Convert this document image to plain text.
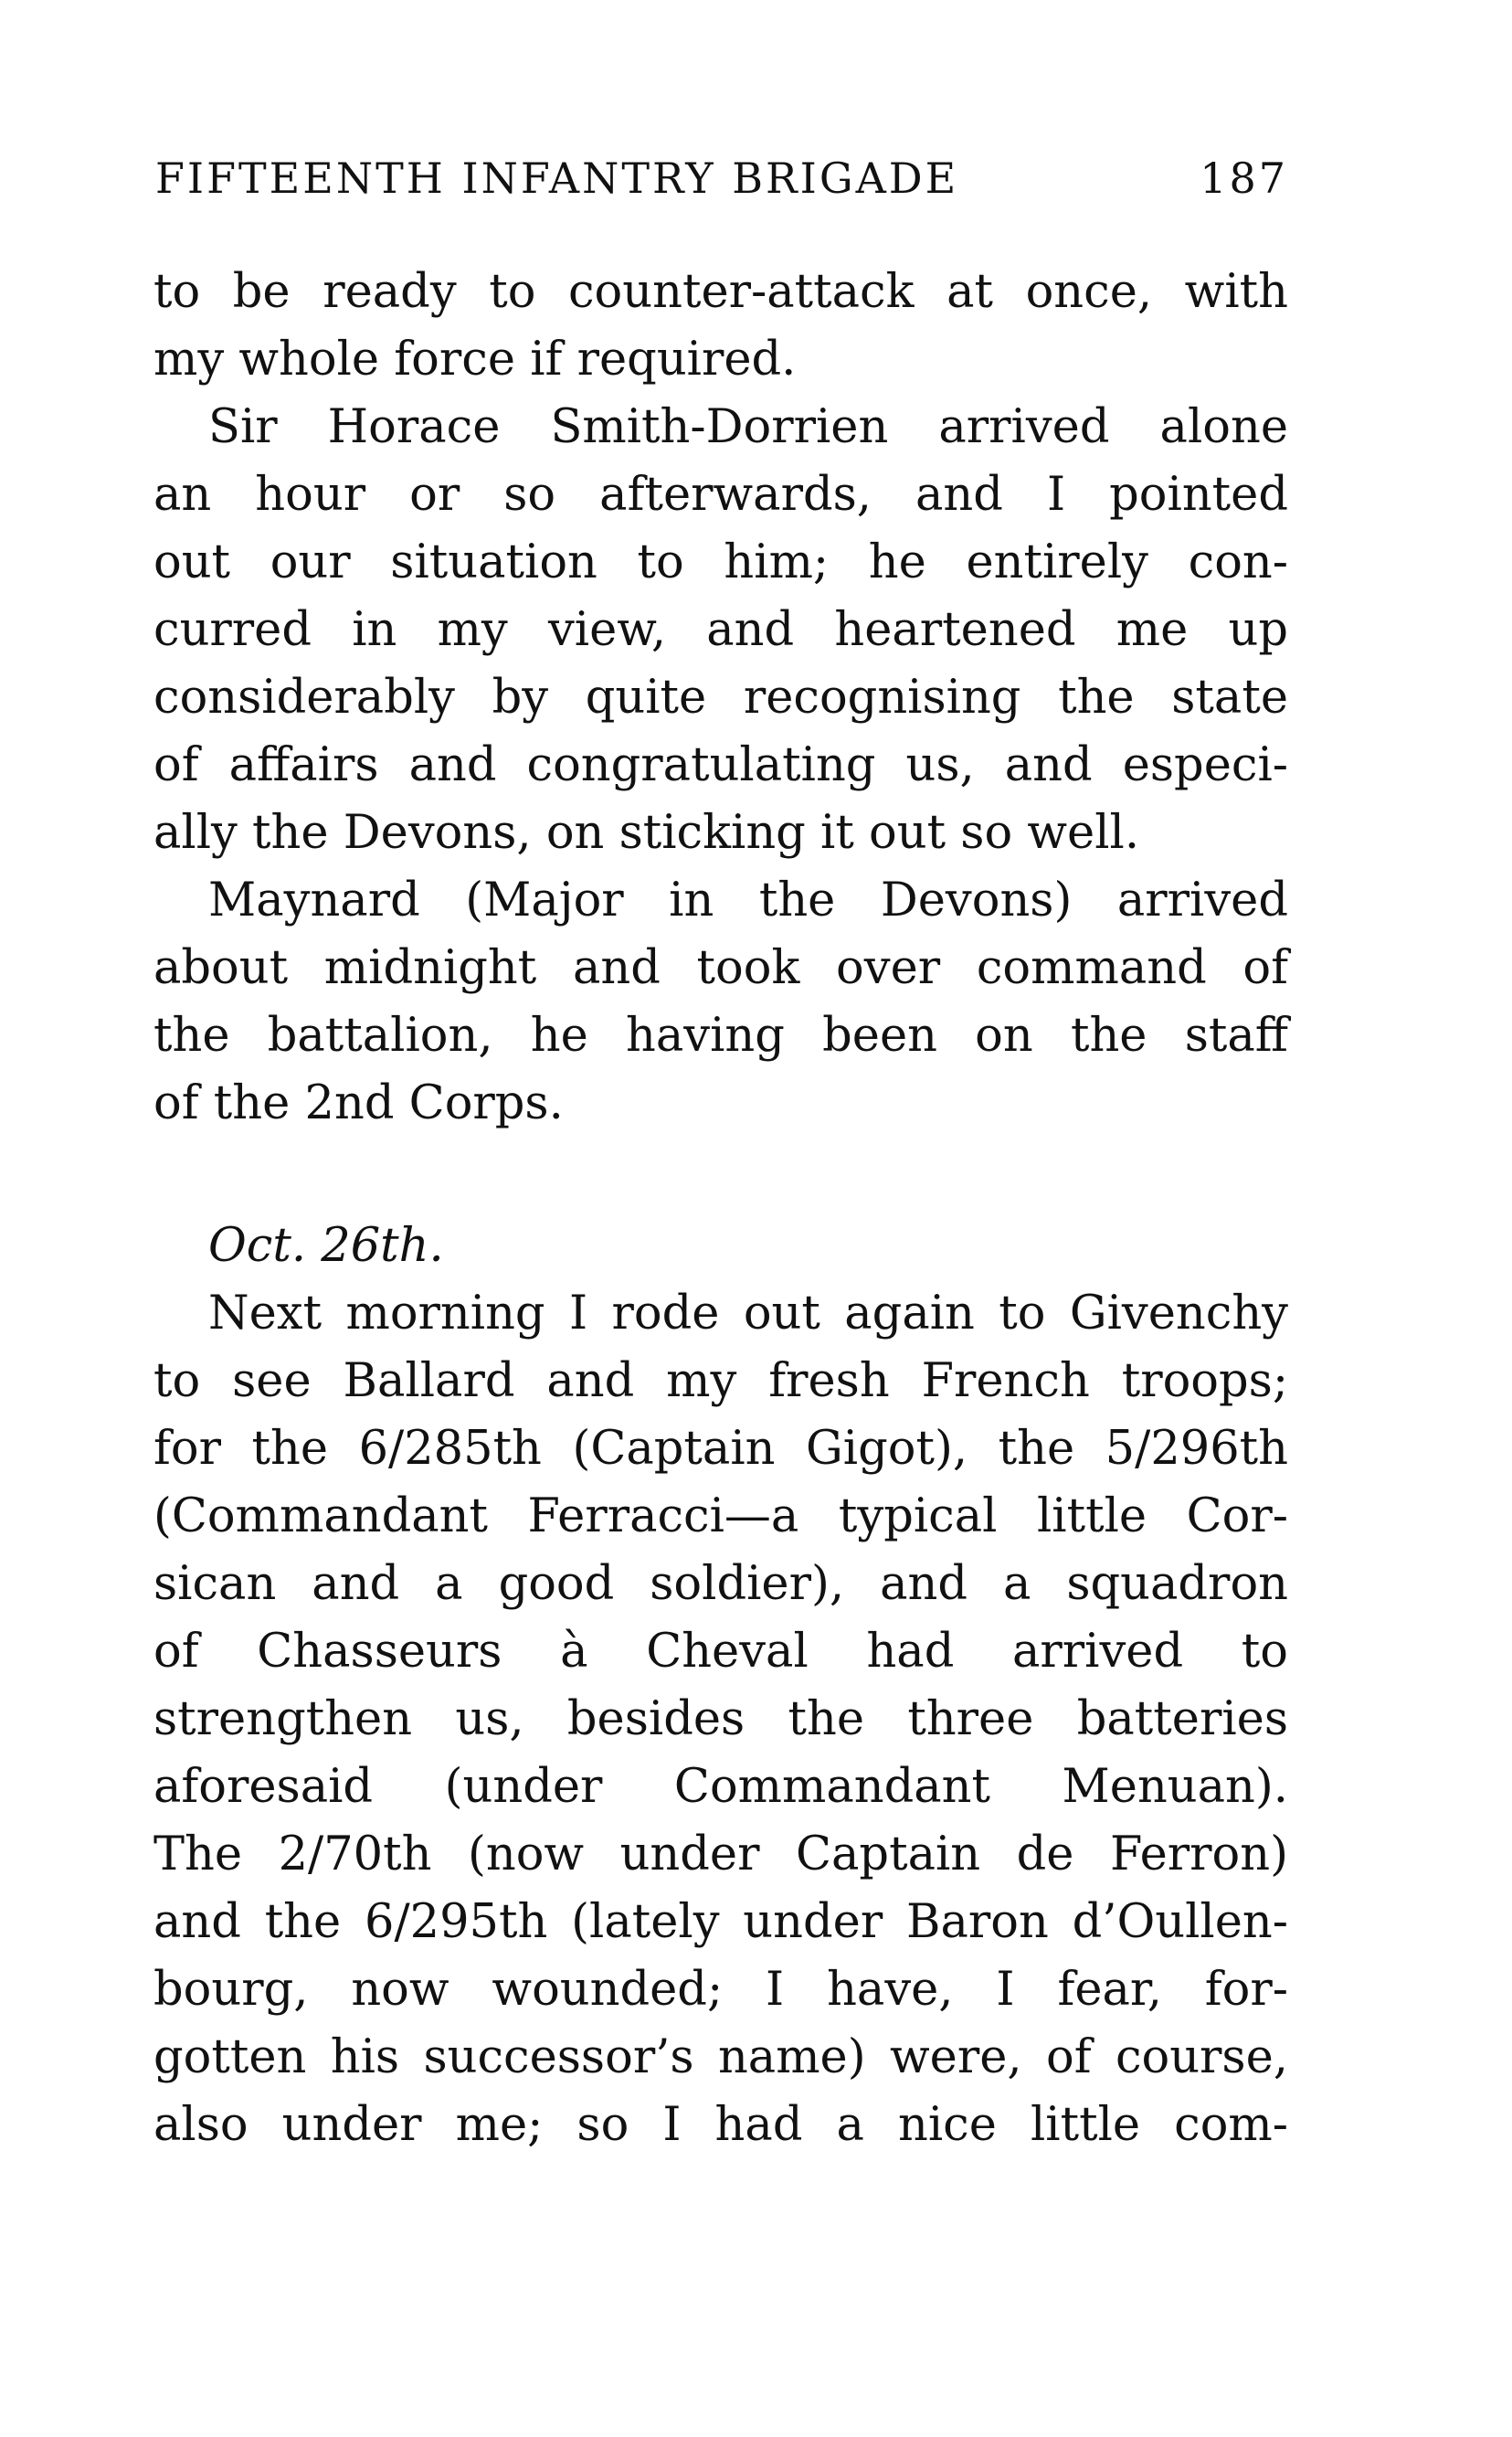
FIFTEENTH INFANTRY BRIGADE	187
to be ready to counter-attack at once, with
my whole force if required.
Sir Horace Smith-Dorrien arrived alone
an hour or so afterwards, and I pointed
out our situation to him; he entirely con-
curred in my view, and heartened me up
considerably by quite recognising the state
of affairs and congratulating us, and especi-
ally the Devons, on sticking it out so well.
Maynard (Major in the Devons) arrived
about midnight and took over command of
the battalion, he having been on the staff
of the 2nd Corps.
Oct. 26th.
Next morning I rode out again to Givenchy
to see Ballard and my fresh French troops;
for the 6/285th (Captain Gigot), the 5/296th
(Commandant Ferracci—a typical little Cor-
sican and a good soldier), and a squadron
of Chasseurs à Cheval had arrived to
strengthen us, besides the three batteries
aforesaid (under Commandant Menuan).
The 2/70th (now under Captain de Ferron)
and the 6/295th (lately under Baron d’Oullen-
bourg, now wounded; I have, I fear, for-
gotten his successor’s name) were, of course,
also under me; so I had a nice little com-
